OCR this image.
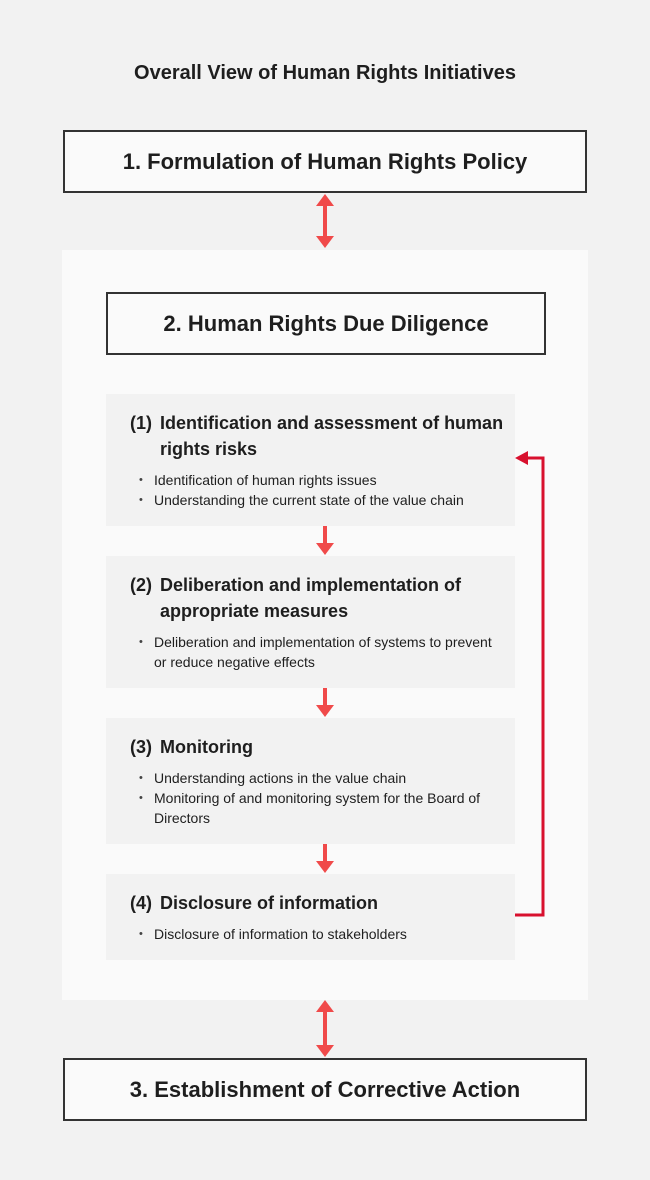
Overall View of Human Rights Initiatives
1. Formulation of Human Rights Policy
2. Human Rights Due Diligence
(1) Identification and assessment of human rights risks
• Identification of human rights issues
• Understanding the current state of the value chain
(2) Deliberation and implementation of appropriate measures
• Deliberation and implementation of systems to prevent or reduce negative effects
(3) Monitoring
• Understanding actions in the value chain
• Monitoring of and monitoring system for the Board of Directors
(4) Disclosure of information
• Disclosure of information to stakeholders
3. Establishment of Corrective Action
